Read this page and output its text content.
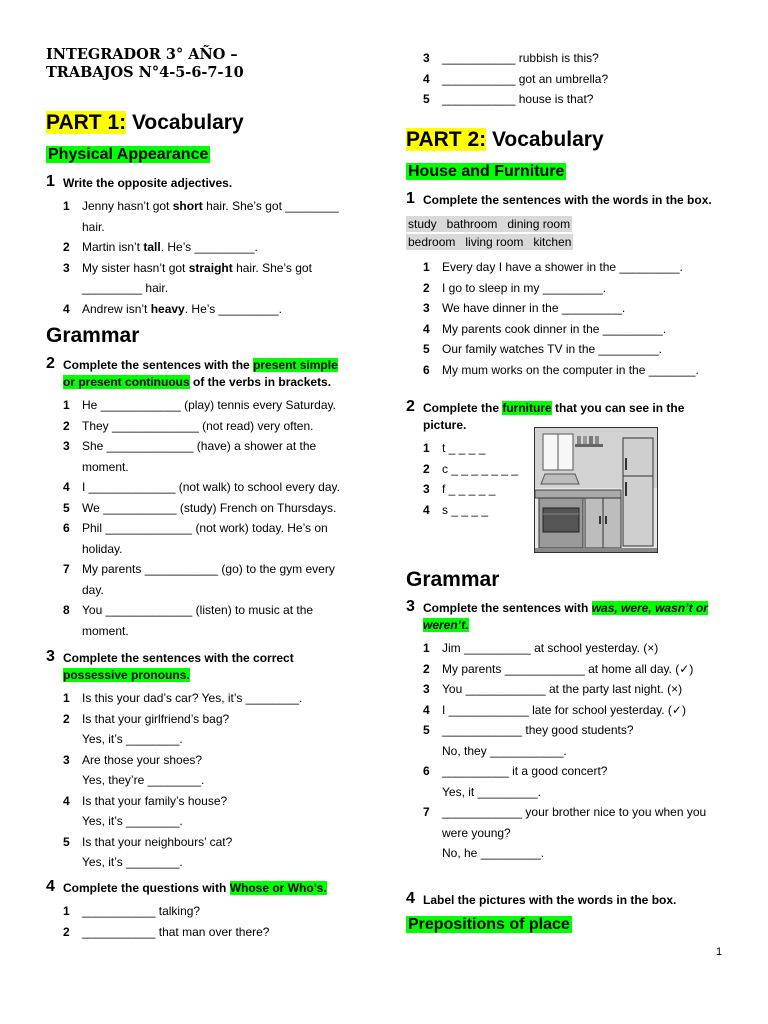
INTEGRADOR 3° AÑO –
TRABAJOS N°4-5-6-7-10
PART 1: Vocabulary
Physical Appearance
1 Write the opposite adjectives.
1 Jenny hasn’t got short hair. She’s got ________
hair.
2 Martin isn’t tall. He’s _________.
3 My sister hasn’t got straight hair. She’s got
_________ hair.
4 Andrew isn’t heavy. He’s _________.
Grammar
2 Complete the sentences with the present simple
or present continuous of the verbs in brackets.
1 He ____________ (play) tennis every Saturday.
2 They _____________ (not read) very often.
3 She _____________ (have) a shower at the
moment.
4 I _____________ (not walk) to school every day.
5 We ___________ (study) French on Thursdays.
6 Phil _____________ (not work) today. He’s on
holiday.
7 My parents ___________ (go) to the gym every
day.
8 You _____________ (listen) to music at the
moment.
3 Complete the sentences with the correct
possessive pronouns.
1 Is this your dad’s car? Yes, it’s ________.
2 Is that your girlfriend’s bag?
Yes, it’s ________.
3 Are those your shoes?
Yes, they’re ________.
4 Is that your family’s house?
Yes, it’s ________.
5 Is that your neighbours’ cat?
Yes, it’s ________.
4 Complete the questions with Whose or Who’s.
1 ___________ talking?
2 ___________ that man over there?
3 ___________ rubbish is this?
4 ___________ got an umbrella?
5 ___________ house is that?
PART 2: Vocabulary
House and Furniture
1 Complete the sentences with the words in the box.
study   bathroom   dining room
bedroom   living room   kitchen
1 Every day I have a shower in the _________.
2 I go to sleep in my _________.
3 We have dinner in the _________.
4 My parents cook dinner in the _________.
5 Our family watches TV in the _________.
6 My mum works on the computer in the _______.
2 Complete the furniture that you can see in the picture.
1 t _ _ _ _
2 c _ _ _ _ _ _ _
3 f _ _ _ _ _
4 s _ _ _ _
Grammar
3 Complete the sentences with was, were, wasn’t or
weren’t.
1 Jim __________ at school yesterday. (×)
2 My parents ____________ at home all day. (✓)
3 You ____________ at the party last night. (×)
4 I ____________ late for school yesterday. (✓)
5 ____________ they good students?
No, they ___________.
6 __________ it a good concert?
Yes, it _________.
7 ____________ your brother nice to you when you
were young?
No, he _________.
4 Label the pictures with the words in the box.
Prepositions of place
1
